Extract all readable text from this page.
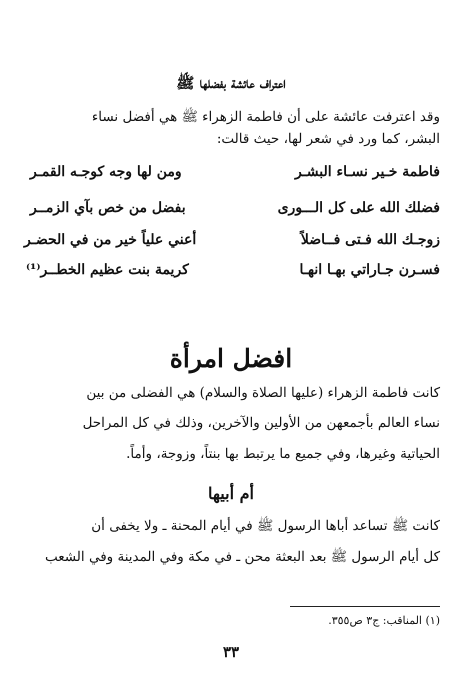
اعتراف عائشة بفضلها ﷺ
وقد اعترفت عائشة على أن فاطمة الزهراء ﷺ هي أفضل نساء
البشر، كما ورد في شعر لها، حيث قالت:
فاطمة خـير نسـاء البشـر
ومن لها وجه كوجـه القمـر
فضلك الله على كل الـــورى
بفضل من خص بآي الزمــر
زوجـك الله فـتى فــاضلاً
أعني علياً خير من في الحضـر
فسـرن جـاراتي بهـا انهـا
كريمة بنت عظيم الخطــر⁽¹⁾
افضل امرأة
كانت فاطمة الزهراء (عليها الصلاة والسلام) هي الفضلى من بين
نساء العالم بأجمعهن من الأولين والآخرين، وذلك في كل المراحل
الحياتية وغيرها، وفي جميع ما يرتبط بها بنتاً، وزوجة، وأماً.
أم أبيها
كانت ﷺ تساعد أباها الرسول ﷺ في أيام المحنة ـ ولا يخفى أن
كل أيام الرسول ﷺ بعد البعثة محن ـ في مكة وفي المدينة وفي الشعب
(١) المناقب: ج٣ ص٣٥٥.
٣٣
